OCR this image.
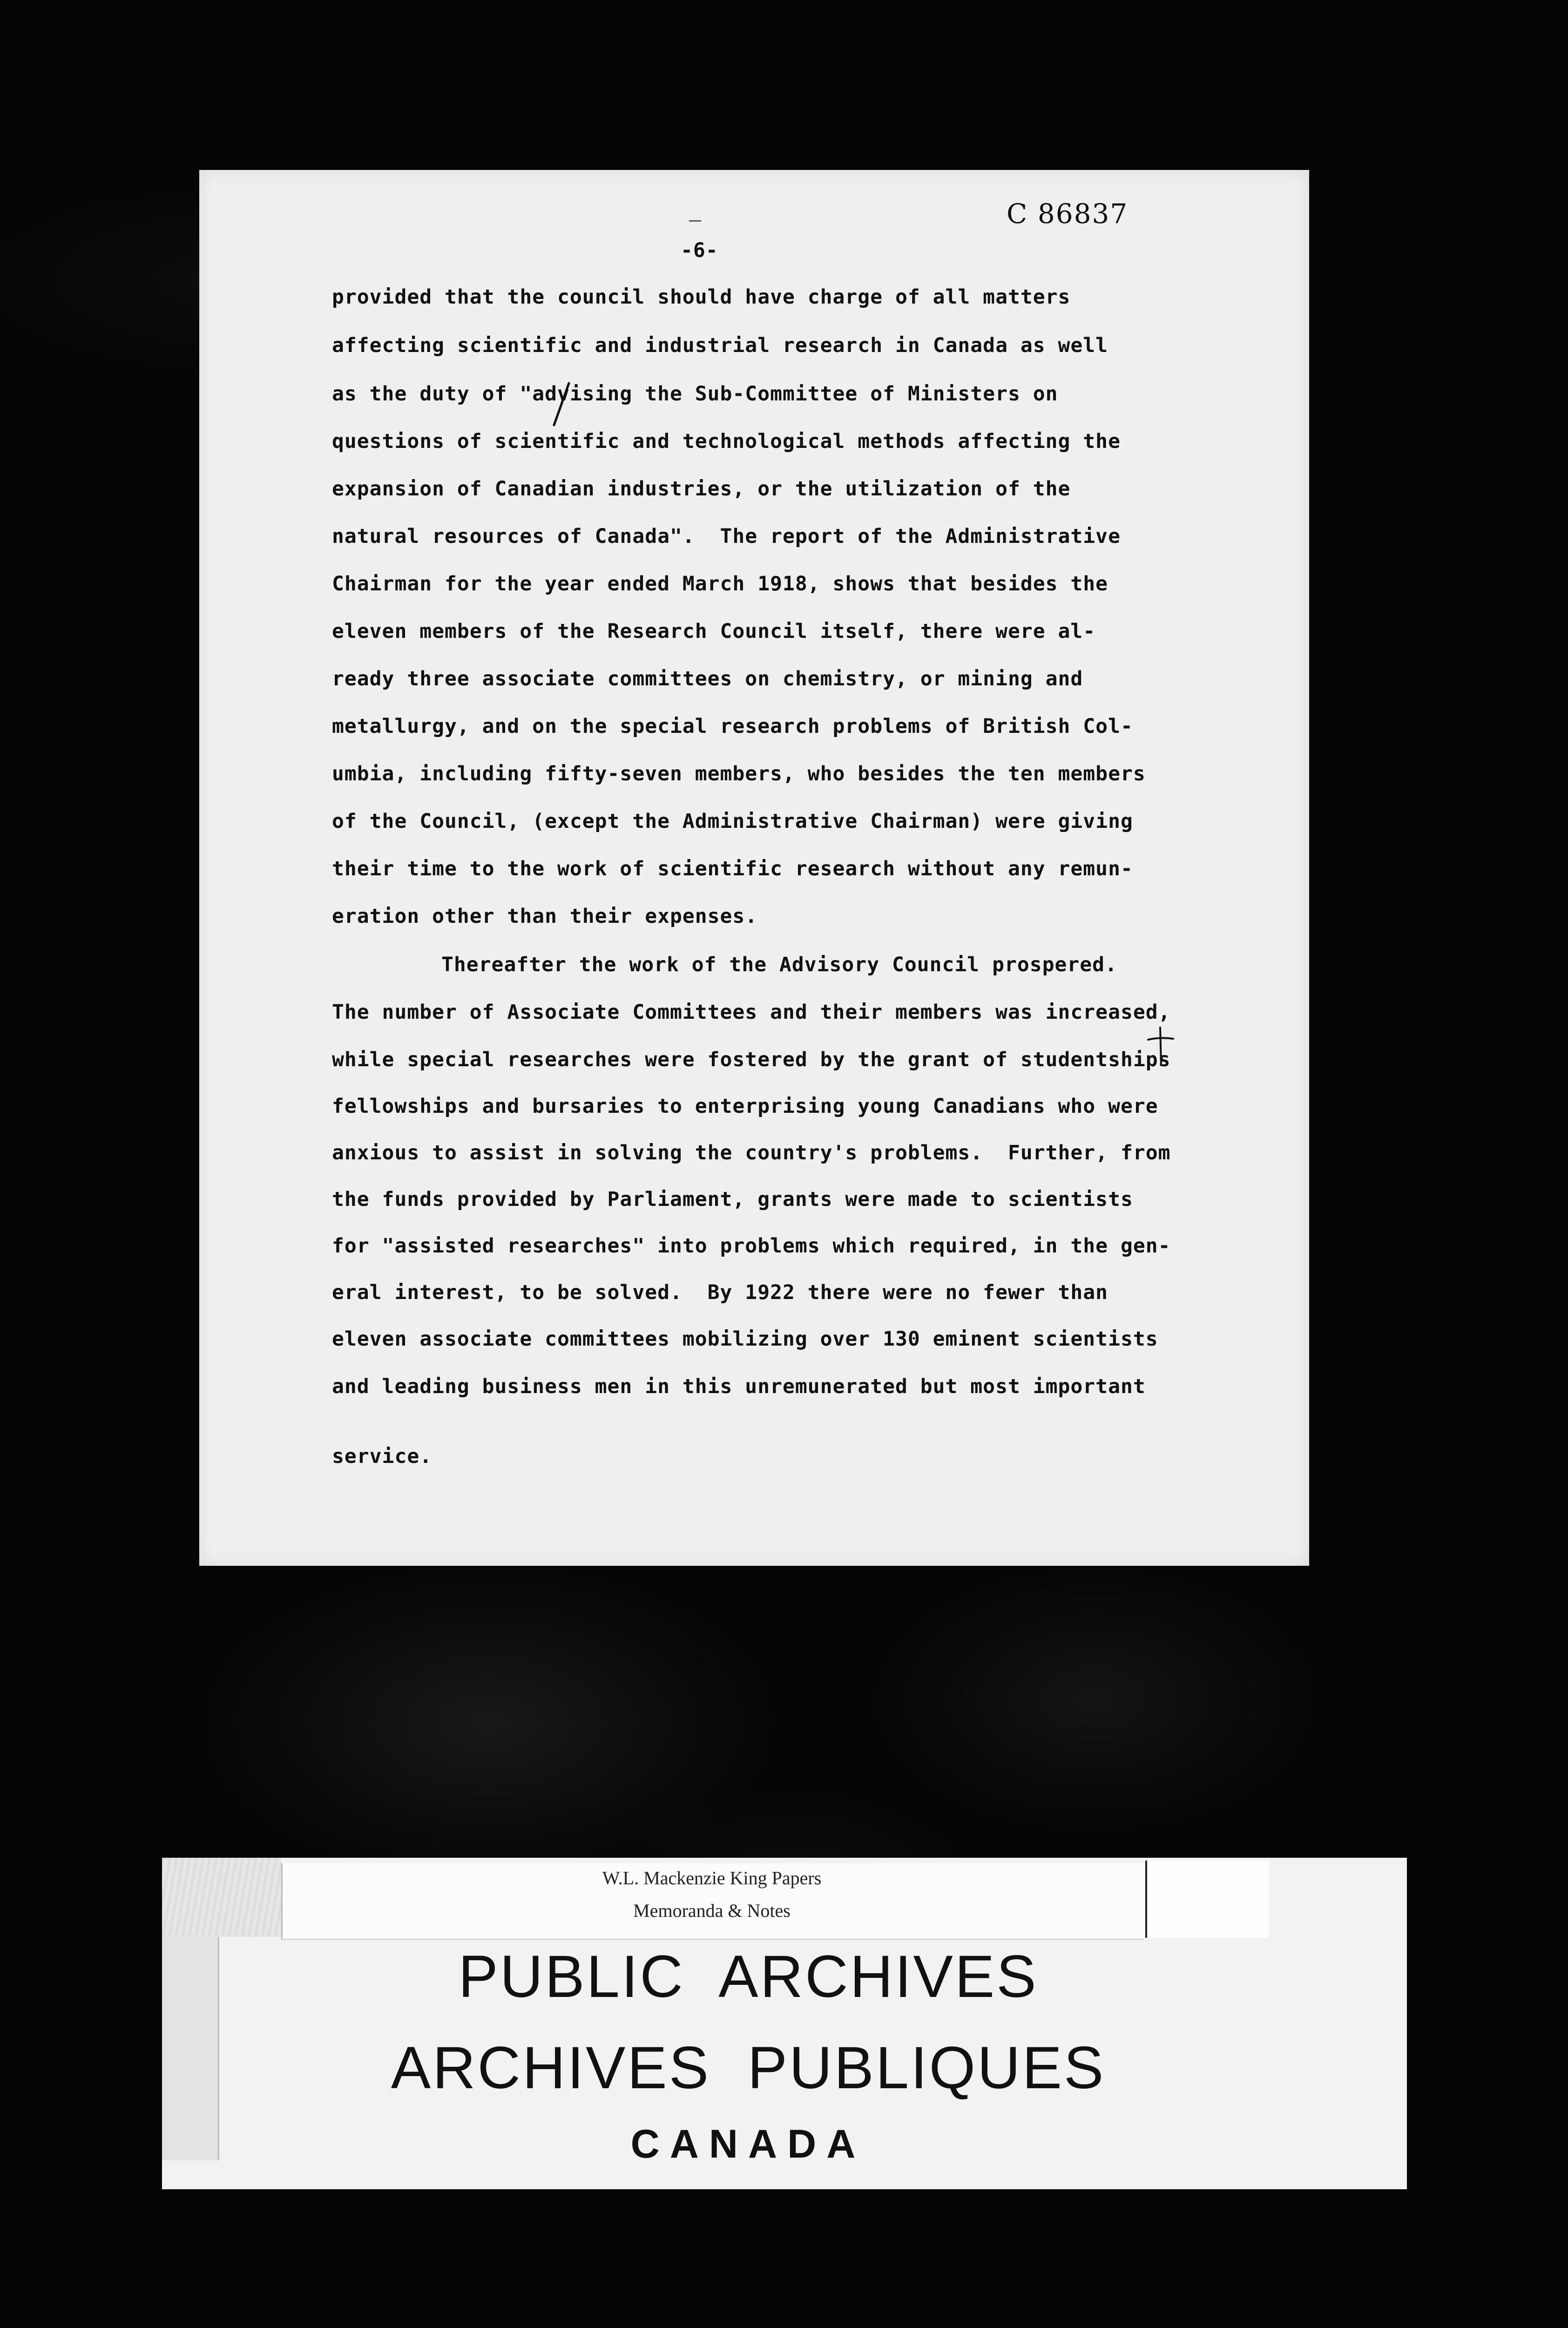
C 86837
-6-
provided that the council should have charge of all matters
affecting scientific and industrial research in Canada as well
as the duty of "advising the Sub-Committee of Ministers on
questions of scientific and technological methods affecting the
expansion of Canadian industries, or the utilization of the
natural resources of Canada".  The report of the Administrative
Chairman for the year ended March 1918, shows that besides the
eleven members of the Research Council itself, there were al-
ready three associate committees on chemistry, or mining and
metallurgy, and on the special research problems of British Col-
umbia, including fifty-seven members, who besides the ten members
of the Council, (except the Administrative Chairman) were giving
their time to the work of scientific research without any remun-
eration other than their expenses.
Thereafter the work of the Advisory Council prospered.
The number of Associate Committees and their members was increased,
while special researches were fostered by the grant of studentships
fellowships and bursaries to enterprising young Canadians who were
anxious to assist in solving the country's problems.  Further, from
the funds provided by Parliament, grants were made to scientists
for "assisted researches" into problems which required, in the gen-
eral interest, to be solved.  By 1922 there were no fewer than
eleven associate committees mobilizing over 130 eminent scientists
and leading business men in this unremunerated but most important
service.
W.L. Mackenzie King Papers
Memoranda & Notes
PUBLIC ARCHIVES
ARCHIVES PUBLIQUES
CANADA
